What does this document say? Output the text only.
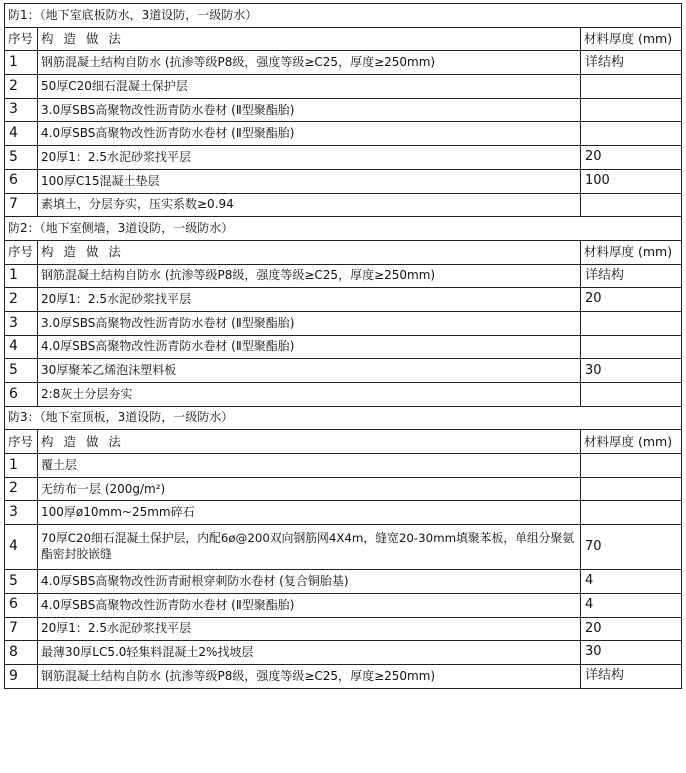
防1：（地下室底板防水，3道设防，一级防水）		
序号	构 造 做 法	材料厚度 (mm)
1	钢筋混凝土结构自防水 (抗渗等级P8级，强度等级≥C25，厚度≥250mm)	详结构
2	50厚C20细石混凝土保护层	
3	3.0厚SBS高聚物改性沥青防水卷材 (Ⅱ型聚酯胎)	
4	4.0厚SBS高聚物改性沥青防水卷材 (Ⅱ型聚酯胎)	
5	20厚1：2.5水泥砂浆找平层	20
6	100厚C15混凝土垫层	100
7	素填土，分层夯实，压实系数≥0.94	
防2：（地下室侧墙，3道设防，一级防水）		
序号	构 造 做 法	材料厚度 (mm)
1	钢筋混凝土结构自防水 (抗渗等级P8级，强度等级≥C25，厚度≥250mm)	详结构
2	20厚1：2.5水泥砂浆找平层	20
3	3.0厚SBS高聚物改性沥青防水卷材 (Ⅱ型聚酯胎)	
4	4.0厚SBS高聚物改性沥青防水卷材 (Ⅱ型聚酯胎)	
5	30厚聚苯乙烯泡沫塑料板	30
6	2:8灰土分层夯实	
防3：（地下室顶板，3道设防，一级防水）		
序号	构 造 做 法	材料厚度 (mm)
1	覆土层	
2	无纺布一层 (200g/m²)	
3	100厚ø10mm~25mm碎石	
4	70厚C20细石混凝土保护层，内配6ø@200双向钢筋网4X4m，缝宽20-30mm填聚苯板，单组分聚氨酯密封胶嵌缝	70
5	4.0厚SBS高聚物改性沥青耐根穿刺防水卷材 (复合铜胎基)	4
6	4.0厚SBS高聚物改性沥青防水卷材 (Ⅱ型聚酯胎)	4
7	20厚1：2.5水泥砂浆找平层	20
8	最薄30厚LC5.0轻集料混凝土2%找坡层	30
9	钢筋混凝土结构自防水 (抗渗等级P8级，强度等级≥C25，厚度≥250mm)	详结构
